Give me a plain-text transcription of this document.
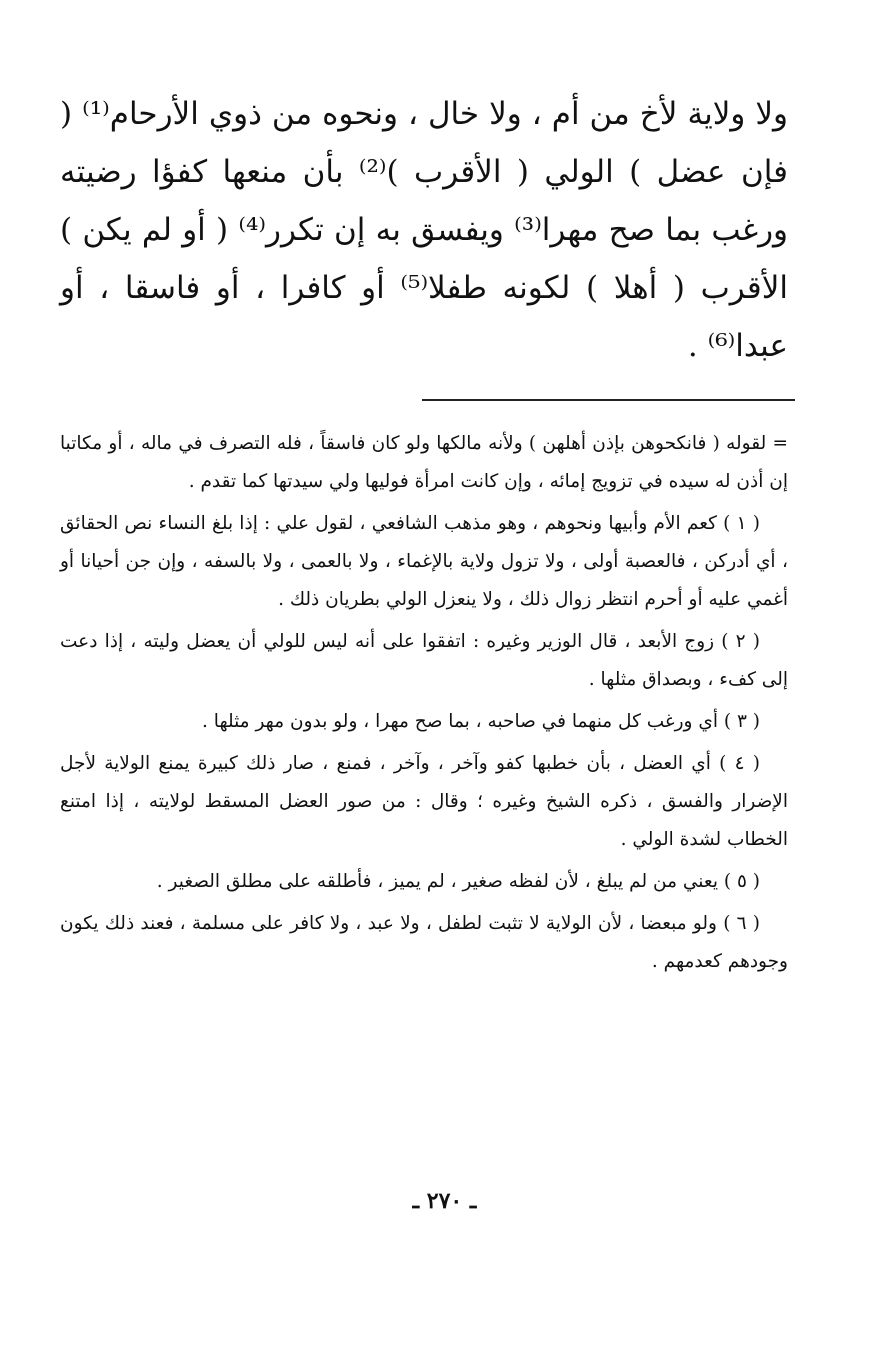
ولا ولاية لأخ من أم ، ولا خال ، ونحوه من ذوي الأرحام⁽¹⁾ ( فإن عضل ) الولي ( الأقرب )⁽²⁾ بأن منعها كفؤا رضيته ورغب بما صح مهرا⁽³⁾ ويفسق به إن تكرر⁽⁴⁾ ( أو لم يكن ) الأقرب ( أهلا ) لكونه طفلا⁽⁵⁾ أو كافرا ، أو فاسقا ، أو عبدا⁽⁶⁾ .

= لقوله ( فانكحوهن بإذن أهلهن ) ولأنه مالكها ولو كان فاسقاً ، فله التصرف في ماله ، أو مكاتبا إن أذن له سيده في تزويج إمائه ، وإن كانت امرأة فوليها ولي سيدتها كما تقدم .

( ١ ) كعم الأم وأبيها ونحوهم ، وهو مذهب الشافعي ، لقول علي : إذا بلغ النساء نص الحقائق ، أي أدركن ، فالعصبة أولى ، ولا تزول ولاية بالإغماء ، ولا بالعمى ، ولا بالسفه ، وإن جن أحيانا أو أغمي عليه أو أحرم انتظر زوال ذلك ، ولا ينعزل الولي بطريان ذلك .

( ٢ ) زوج الأبعد ، قال الوزير وغيره : اتفقوا على أنه ليس للولي أن يعضل وليته ، إذا دعت إلى كفء ، وبصداق مثلها .

( ٣ ) أي ورغب كل منهما في صاحبه ، بما صح مهرا ، ولو بدون مهر مثلها .

( ٤ ) أي العضل ، بأن خطبها كفو وآخر ، وآخر ، فمنع ، صار ذلك كبيرة يمنع الولاية لأجل الإضرار والفسق ، ذكره الشيخ وغيره ؛ وقال : من صور العضل المسقط لولايته ، إذا امتنع الخطاب لشدة الولي .

( ٥ ) يعني من لم يبلغ ، لأن لفظه صغير ، لم يميز ، فأطلقه على مطلق الصغير .

( ٦ ) ولو مبعضا ، لأن الولاية لا تثبت لطفل ، ولا عبد ، ولا كافر على مسلمة ، فعند ذلك يكون وجودهم كعدمهم .

ـ ٢٧٠ ـ
